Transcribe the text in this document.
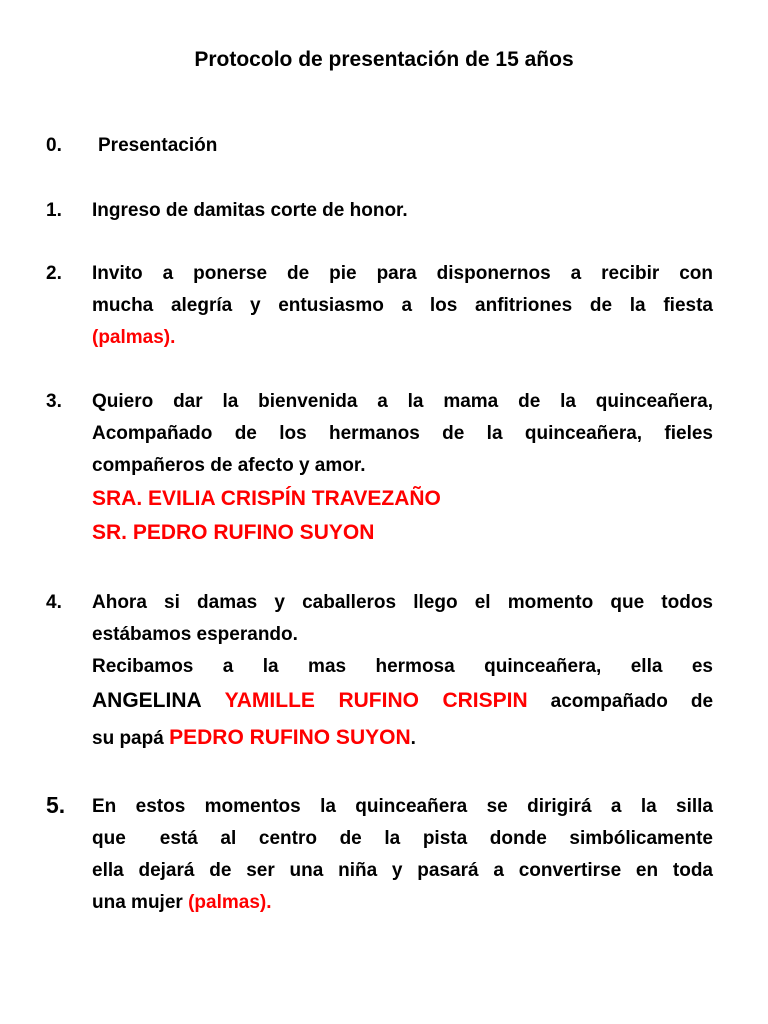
Protocolo de presentación de 15 años
0. Presentación
1. Ingreso de damitas corte de honor.
2. Invito a ponerse de pie para disponernos a recibir con
mucha alegría y entusiasmo a los anfitriones de la fiesta
(palmas).
3. Quiero dar la bienvenida a la mama de la quinceañera,
Acompañado de los hermanos de la quinceañera, fieles
compañeros de afecto y amor.
SRA. EVILIA CRISPÍN TRAVEZAÑO
SR. PEDRO RUFINO SUYON
4. Ahora si damas y caballeros llego el momento que todos
estábamos esperando.
Recibamos a la mas hermosa quinceañera, ella es
ANGELINA YAMILLE RUFINO CRISPIN acompañado de
su papá PEDRO RUFINO SUYON.
5. En estos momentos la quinceañera se dirigirá a la silla
que está al centro de la pista donde simbólicamente
ella dejará de ser una niña y pasará a convertirse en toda
una mujer (palmas).
